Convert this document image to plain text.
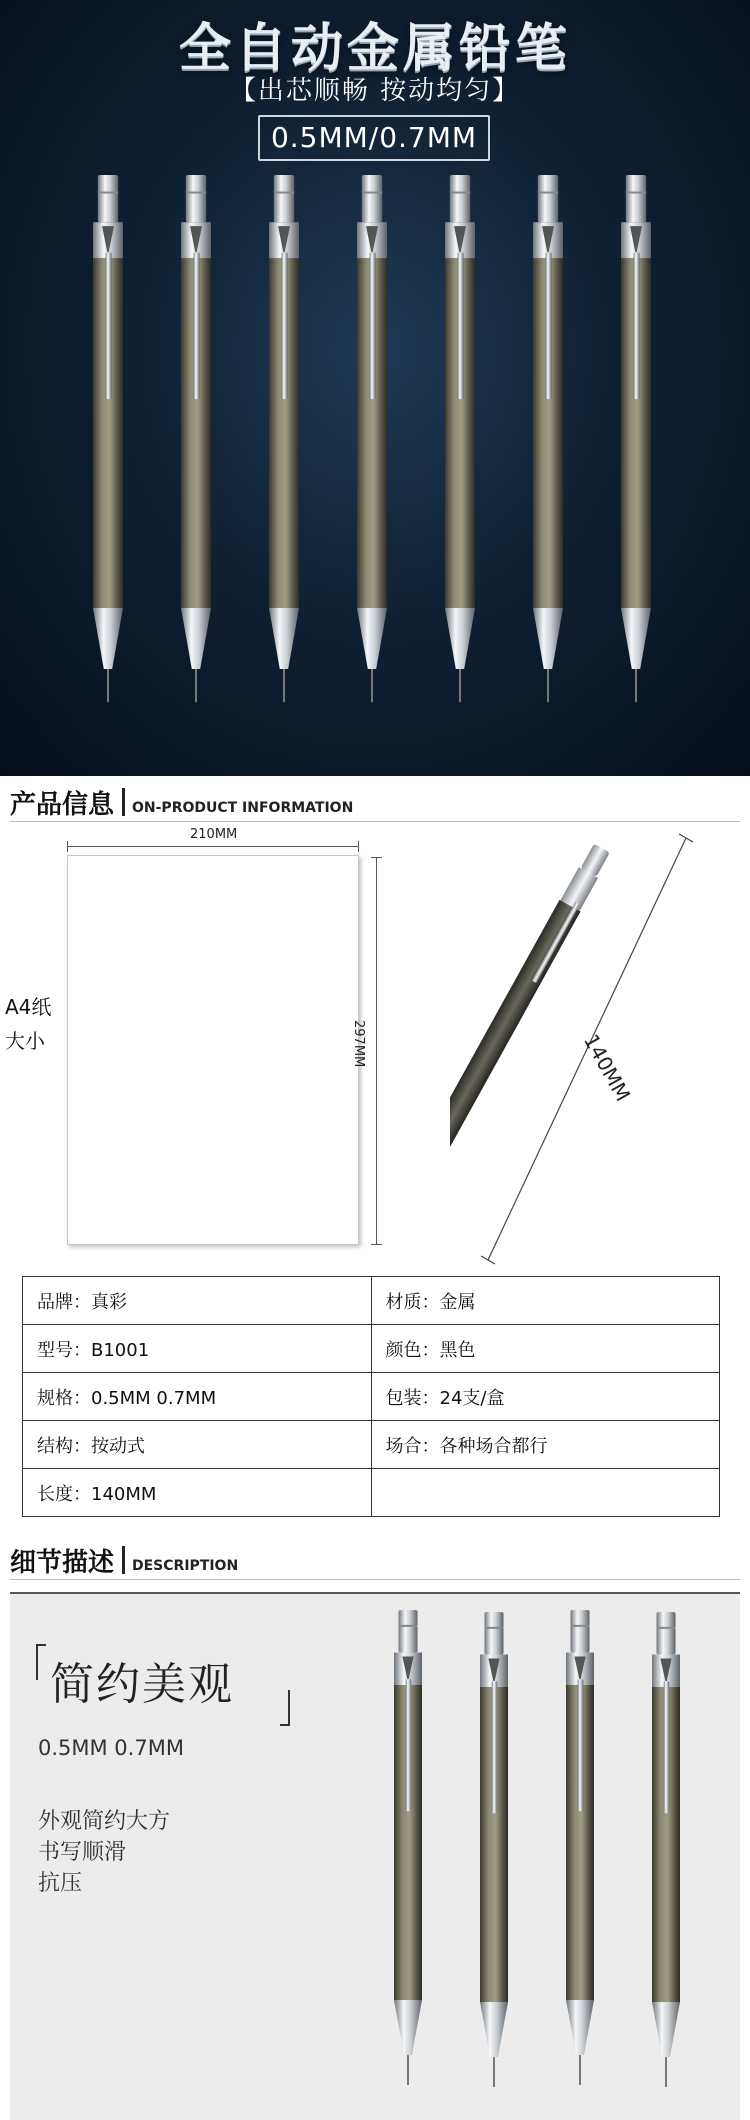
全自动金属铅笔
【出芯顺畅 按动均匀】
0.5MM/0.7MM
产品信息 ON-PRODUCT INFORMATION
A4纸
大小
210MM
297MM	140MM
品牌：真彩	材质：金属
型号：B1001	颜色：黑色
规格：0.5MM 0.7MM	包装：24支/盒
结构：按动式	场合：各种场合都行
长度：140MM	
细节描述 DESCRIPTION
简约美观
0.5MM 0.7MM
外观简约大方
书写顺滑
抗压
